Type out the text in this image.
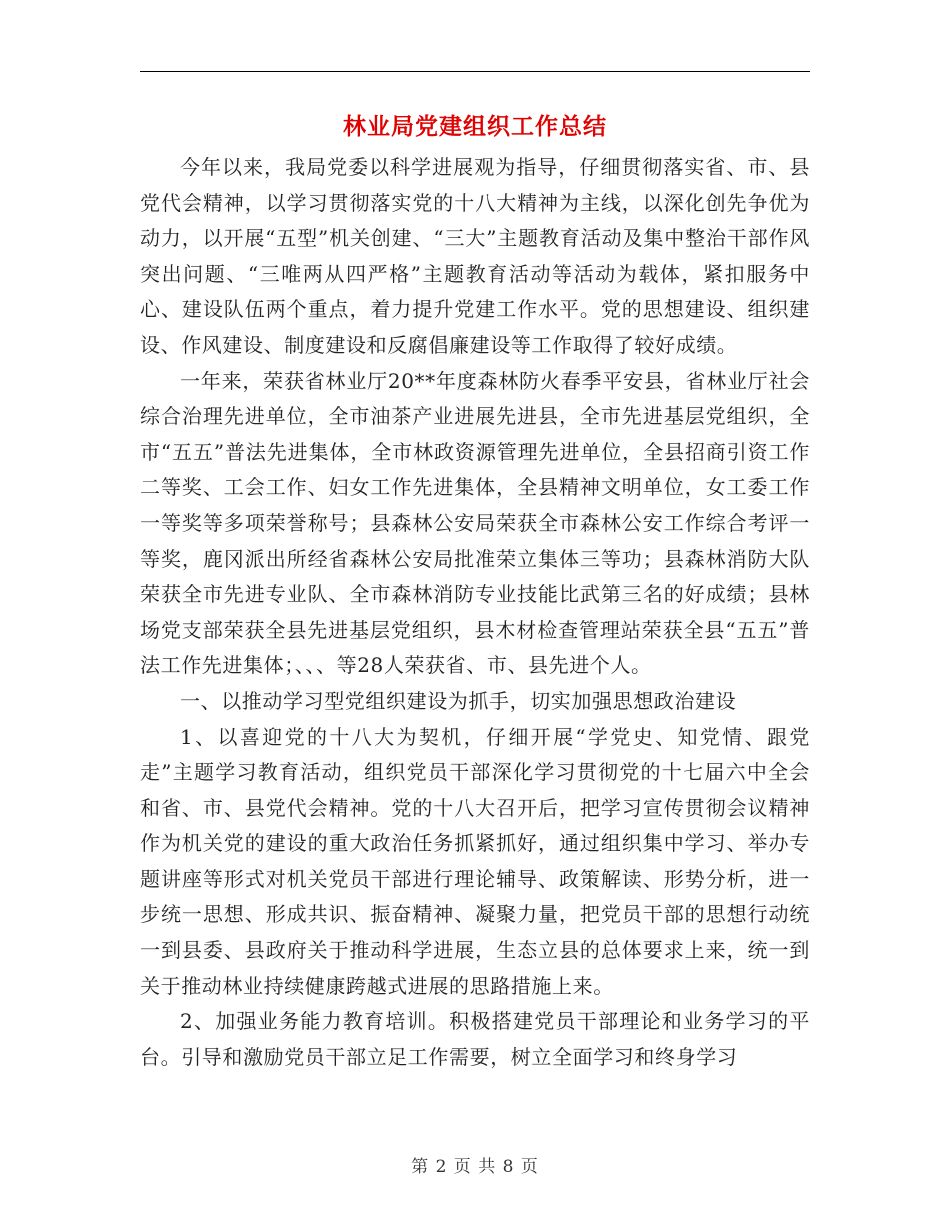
林业局党建组织工作总结

今年以来，我局党委以科学进展观为指导，仔细贯彻落实省、市、县党代会精神，以学习贯彻落实党的十八大精神为主线，以深化创先争优为动力，以开展“五型”机关创建、“三大”主题教育活动及集中整治干部作风突出问题、“三唯两从四严格”主题教育活动等活动为载体，紧扣服务中心、建设队伍两个重点，着力提升党建工作水平。党的思想建设、组织建设、作风建设、制度建设和反腐倡廉建设等工作取得了较好成绩。

一年来，荣获省林业厅20**年度森林防火春季平安县，省林业厅社会综合治理先进单位，全市油茶产业进展先进县，全市先进基层党组织，全市“五五”普法先进集体，全市林政资源管理先进单位，全县招商引资工作二等奖、工会工作、妇女工作先进集体，全县精神文明单位，女工委工作一等奖等多项荣誉称号；县森林公安局荣获全市森林公安工作综合考评一等奖，鹿冈派出所经省森林公安局批准荣立集体三等功；县森林消防大队荣获全市先进专业队、全市森林消防专业技能比武第三名的好成绩；县林场党支部荣获全县先进基层党组织，县木材检查管理站荣获全县“五五”普法工作先进集体；、、、等28人荣获省、市、县先进个人。

一、以推动学习型党组织建设为抓手，切实加强思想政治建设

1、以喜迎党的十八大为契机，仔细开展“学党史、知党情、跟党走”主题学习教育活动，组织党员干部深化学习贯彻党的十七届六中全会和省、市、县党代会精神。党的十八大召开后，把学习宣传贯彻会议精神作为机关党的建设的重大政治任务抓紧抓好，通过组织集中学习、举办专题讲座等形式对机关党员干部进行理论辅导、政策解读、形势分析，进一步统一思想、形成共识、振奋精神、凝聚力量，把党员干部的思想行动统一到县委、县政府关于推动科学进展，生态立县的总体要求上来，统一到关于推动林业持续健康跨越式进展的思路措施上来。

2、加强业务能力教育培训。积极搭建党员干部理论和业务学习的平台。引导和激励党员干部立足工作需要，树立全面学习和终身学习

第 2 页 共 8 页
